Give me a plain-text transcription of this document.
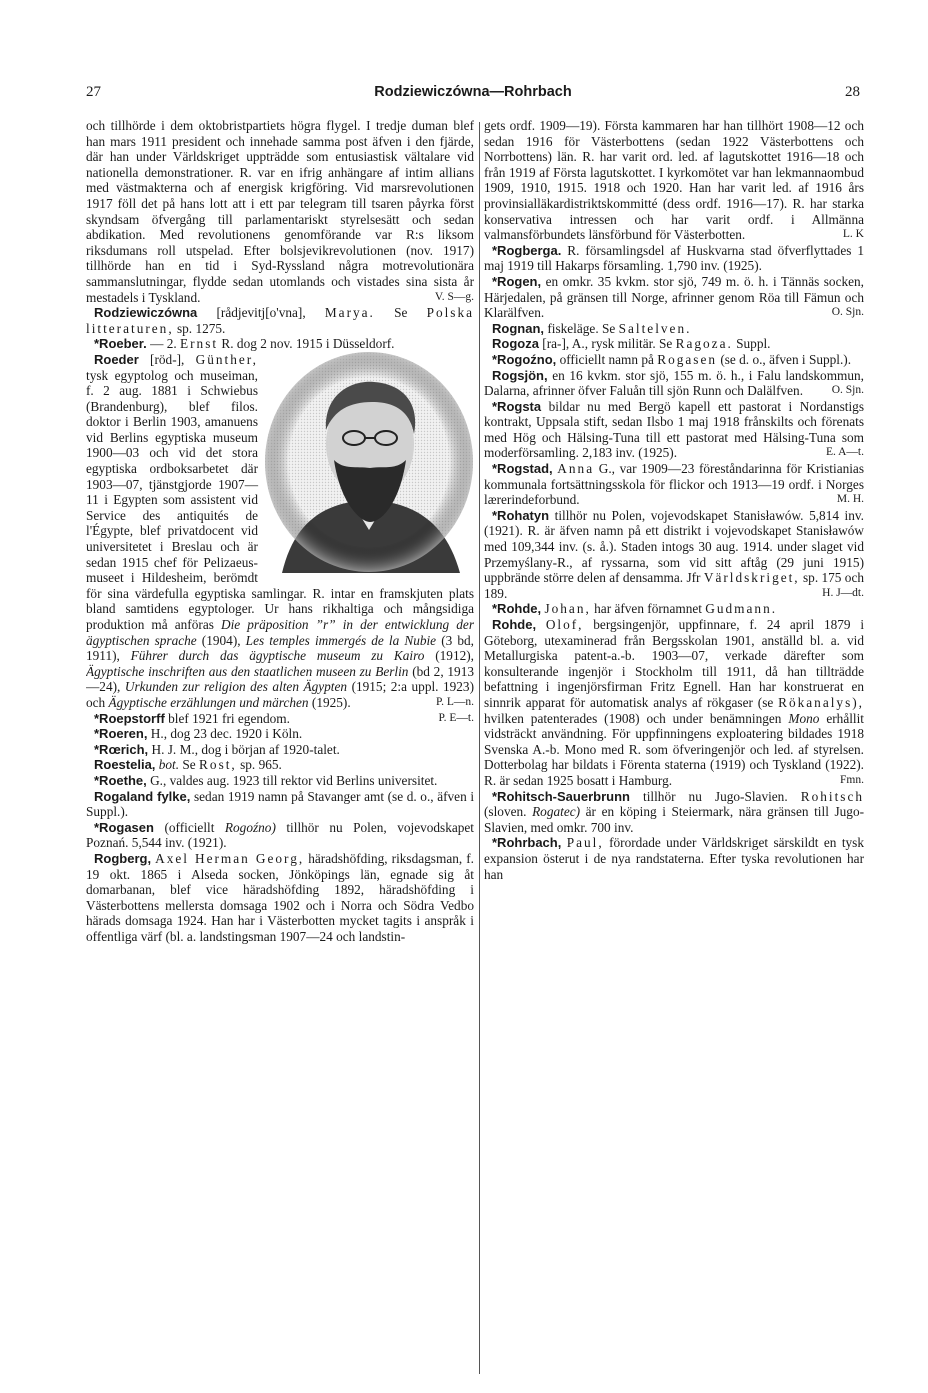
27	Rodziewiczówna—Rohrbach	28

och tillhörde i dem oktobristpartiets högra flygel. I tredje duman blef han mars 1911 president och innehade samma post äfven i den fjärde, där han under Världskriget uppträdde som entusiastisk vältalare vid nationella demonstrationer. R. var en ifrig anhängare af intim allians med västmakterna och af energisk krigföring. Vid marsrevolutionen 1917 föll det på hans lott att i ett par telegram till tsaren påyrka först skyndsam öfvergång till parlamentariskt styrelsesätt och sedan abdikation. Med revolutionens genomförande var R:s liksom riksdumans roll utspelad. Efter bolsjevikrevolutionen (nov. 1917) tillhörde han en tid i Syd-Ryssland några motrevolutionära sammanslutningar, flydde sedan utomlands och vistades sina sista år mestadels i Tyskland.	V. S—g.

Rodziewiczówna [rådjevitj[o'vna], Marya. Se Polska litteraturen, sp. 1275.

*Roeber. — 2. Ernst R. dog 2 nov. 1915 i Düsseldorf.

Roeder [röd-], Günther, tysk egyptolog och museiman, f. 2 aug. 1881 i Schwiebus (Brandenburg), blef filos. doktor i Berlin 1903, amanuens vid Berlins egyptiska museum 1900—03 och vid det stora egyptiska ordboksarbetet där 1903—07, tjänstgjorde 1907—11 i Egypten som assistent vid Service des antiquités de l'Égypte, blef privatdocent vid universitetet i Breslau och är sedan 1915 chef för Pelizaeus-museet i Hildesheim, berömdt för sina värdefulla egyptiska samlingar. R. intar en framskjuten plats bland samtidens egyptologer. Ur hans rikhaltiga och mångsidiga produktion må anföras Die präposition ”r” in der entwicklung der ägyptischen sprache (1904), Les temples immergés de la Nubie (3 bd, 1911), Führer durch das ägyptische museum zu Kairo (1912), Ägyptische inschriften aus den staatlichen museen zu Berlin (bd 2, 1913—24), Urkunden zur religion des alten Ägypten (1915; 2:a uppl. 1923) och Ägyptische erzählungen und märchen (1925).	P. L—n.

*Roepstorff blef 1921 fri egendom.	P. E—t.

*Roeren, H., dog 23 dec. 1920 i Köln.

*Rœrich, H. J. M., dog i början af 1920-talet.

Roestelia, bot. Se Rost, sp. 965.

*Roethe, G., valdes aug. 1923 till rektor vid Berlins universitet.

Rogaland fylke, sedan 1919 namn på Stavanger amt (se d. o., äfven i Suppl.).

*Rogasen (officiellt Rogoźno) tillhör nu Polen, vojevodskapet Poznań. 5,544 inv. (1921).

Rogberg, Axel Herman Georg, häradshöfding, riksdagsman, f. 19 okt. 1865 i Alseda socken, Jönköpings län, egnade sig åt domarbanan, blef vice häradshöfding 1892, häradshöfding i Västerbottens mellersta domsaga 1902 och i Norra och Södra Vedbo härads domsaga 1924. Han har i Västerbotten mycket tagits i anspråk i offentliga värf (bl. a. landstingsman 1907—24 och landstin-

gets ordf. 1909—19). Första kammaren har han tillhört 1908—12 och sedan 1916 för Västerbottens (sedan 1922 Västerbottens och Norrbottens) län. R. har varit ord. led. af lagutskottet 1916—18 och från 1919 af Första lagutskottet. I kyrkomötet var han lekmannaombud 1909, 1910, 1915. 1918 och 1920. Han har varit led. af 1916 års provinsialläkardistriktskommitté (dess ordf. 1916—17). R. har starka konservativa intressen och har varit ordf. i Allmänna valmansförbundets länsförbund för Västerbotten.	L. K

*Rogberga. R. församlingsdel af Huskvarna stad öfverflyttades 1 maj 1919 till Hakarps församling. 1,790 inv. (1925).

*Rogen, en omkr. 35 kvkm. stor sjö, 749 m. ö. h. i Tännäs socken, Härjedalen, på gränsen till Norge, afrinner genom Röa till Fämun och Klarälfven.	O. Sjn.

Rognan, fiskeläge. Se Saltelven.

Rogoza [ra-], A., rysk militär. Se Ragoza. Suppl.

*Rogoźno, officiellt namn på Rogasen (se d. o., äfven i Suppl.).

Rogsjön, en 16 kvkm. stor sjö, 155 m. ö. h., i Falu landskommun, Dalarna, afrinner öfver Faluån till sjön Runn och Dalälfven.	O. Sjn.

*Rogsta bildar nu med Bergö kapell ett pastorat i Nordanstigs kontrakt, Uppsala stift, sedan Ilsbo 1 maj 1918 frånskilts och förenats med Hög och Hälsing-Tuna till ett pastorat med Hälsing-Tuna som moderförsamling. 2,183 inv. (1925).	E. A—t.

*Rogstad, Anna G., var 1909—23 föreståndarinna för Kristianias kommunala fortsättningsskola för flickor och 1913—19 ordf. i Norges lærerindeforbund.	M. H.

*Rohatyn tillhör nu Polen, vojevodskapet Stanisławów. 5,814 inv. (1921). R. är äfven namn på ett distrikt i vojevodskapet Stanisławów med 109,344 inv. (s. å.). Staden intogs 30 aug. 1914. under slaget vid Przemyślany-R., af ryssarna, som vid sitt aftåg (29 juni 1915) uppbrände större delen af densamma. Jfr Världskriget, sp. 175 och 189.	H. J—dt.

*Rohde, Johan, har äfven förnamnet Gudmann.

Rohde, Olof, bergsingenjör, uppfinnare, f. 24 april 1879 i Göteborg, utexaminerad från Bergsskolan 1901, anställd bl. a. vid Metallurgiska patent-a.-b. 1903—07, verkade därefter som konsulterande ingenjör i Stockholm till 1911, då han tillträdde befattning i ingenjörsfirman Fritz Egnell. Han har konstruerat en sinnrik apparat för automatisk analys af rökgaser (se Rökanalys), hvilken patenterades (1908) och under benämningen Mono erhållit vidsträckt användning. För uppfinningens exploatering bildades 1918 Svenska A.-b. Mono med R. som öfveringenjör och led. af styrelsen. Dotterbolag har bildats i Förenta staterna (1919) och Tyskland (1922). R. är sedan 1925 bosatt i Hamburg.	Fmn.

*Rohitsch-Sauerbrunn tillhör nu Jugo-Slavien. Rohitsch (sloven. Rogatec) är en köping i Steiermark, nära gränsen till Jugo-Slavien, med omkr. 700 inv.

*Rohrbach, Paul, förordade under Världskriget särskildt en tysk expansion österut i de nya randstaterna. Efter tyska revolutionen har han
